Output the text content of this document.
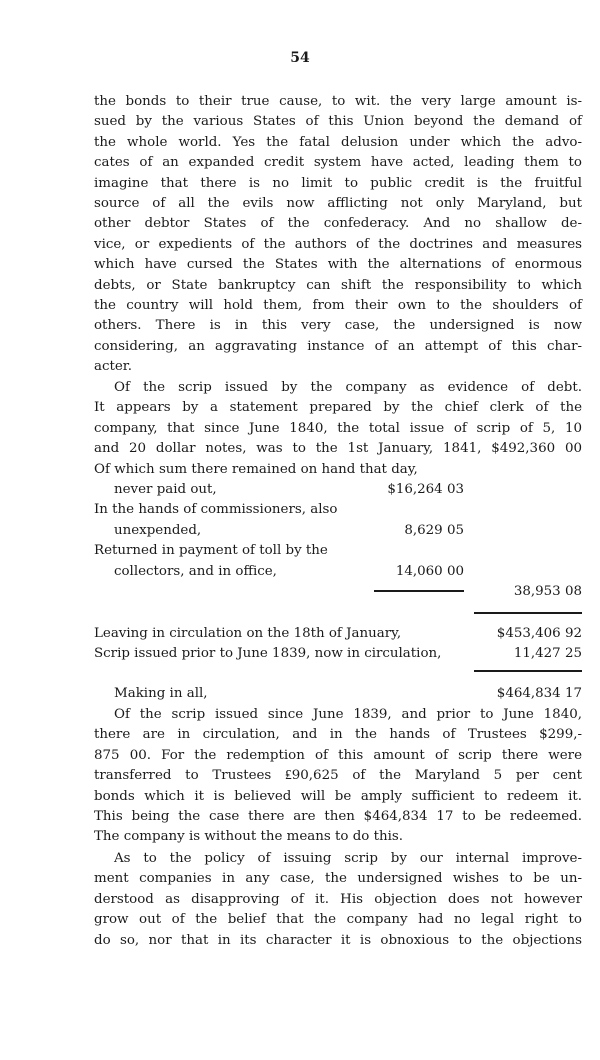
54
the bonds to their true cause, to wit. the very large amount is-
sued by the various States of this Union beyond the demand of
the whole world. Yes the fatal delusion under which the advo-
cates of an expanded credit system have acted, leading them to
imagine that there is no limit to public credit is the fruitful
source of all the evils now afflicting not only Maryland, but
other debtor States of the confederacy. And no shallow de-
vice, or expedients of the authors of the doctrines and measures
which have cursed the States with the alternations of enormous
debts, or State bankruptcy can shift the responsibility to which
the country will hold them, from their own to the shoulders of
others. There is in this very case, the undersigned is now
considering, an aggravating instance of an attempt of this char-
acter.
Of the scrip issued by the company as evidence of debt.
It appears by a statement prepared by the chief clerk of the
company, that since June 1840, the total issue of scrip of 5, 10
and 20 dollar notes, was to the 1st January, 1841, $492,360 00
Of which sum there remained on hand that day,
never paid out,	$16,264 03
In the hands of commissioners, also
unexpended,	8,629 05
Returned in payment of toll by the
collectors, and in office,	14,060 00
38,953 08
Leaving in circulation on the 18th of January,	$453,406 92
Scrip issued prior to June 1839, now in circulation,	11,427 25
Making in all,	$464,834 17
Of the scrip issued since June 1839, and prior to June 1840,
there are in circulation, and in the hands of Trustees $299,-
875 00. For the redemption of this amount of scrip there were
transferred to Trustees ₤90,625 of the Maryland 5 per cent
bonds which it is believed will be amply sufficient to redeem it.
This being the case there are then $464,834 17 to be redeemed.
The company is without the means to do this.
As to the policy of issuing scrip by our internal improve-
ment companies in any case, the undersigned wishes to be un-
derstood as disapproving of it. His objection does not however
grow out of the belief that the company had no legal right to
do so, nor that in its character it is obnoxious to the objections
